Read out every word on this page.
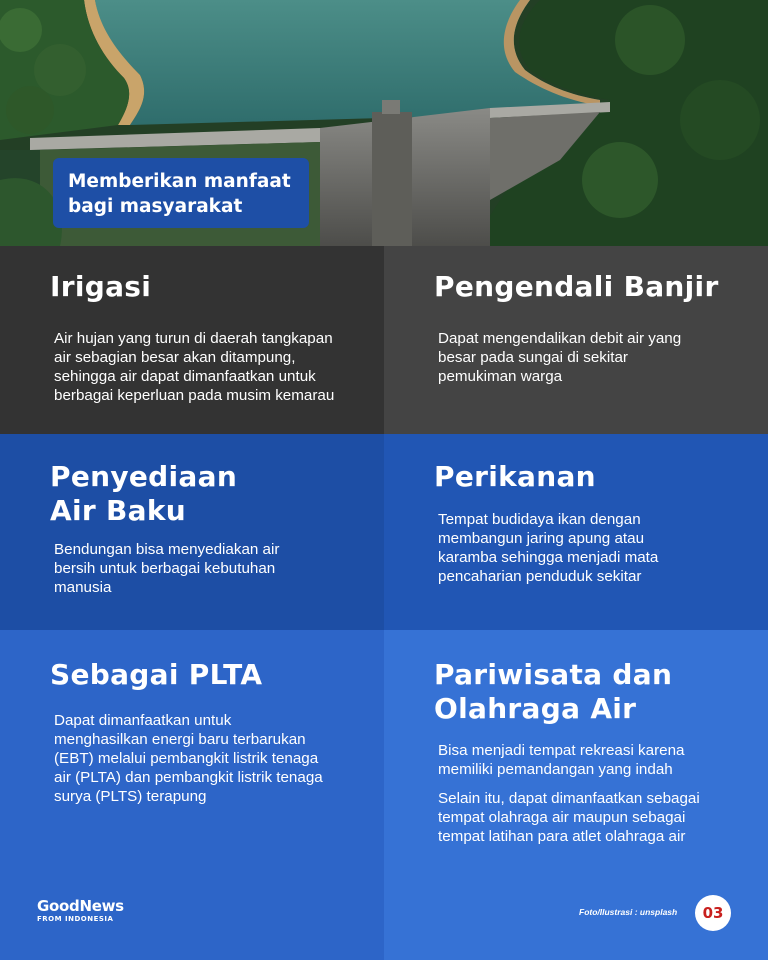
Memberikan manfaat
bagi masyarakat
Irigasi
Air hujan yang turun di daerah tangkapan
air sebagian besar akan ditampung,
sehingga air dapat dimanfaatkan untuk
berbagai keperluan pada musim kemarau
Pengendali Banjir
Dapat mengendalikan debit air yang
besar pada sungai di sekitar
pemukiman warga
Penyediaan
Air Baku
Bendungan bisa menyediakan air
bersih untuk berbagai kebutuhan
manusia
Perikanan
Tempat budidaya ikan dengan
membangun jaring apung atau
karamba sehingga menjadi mata
pencaharian penduduk sekitar
Sebagai PLTA
Dapat dimanfaatkan untuk
menghasilkan energi baru terbarukan
(EBT) melalui pembangkit listrik tenaga
air (PLTA) dan pembangkit listrik tenaga
surya (PLTS) terapung
Pariwisata dan
Olahraga Air
Bisa menjadi tempat rekreasi karena
memiliki pemandangan yang indah
Selain itu, dapat dimanfaatkan sebagai
tempat olahraga air maupun sebagai
tempat latihan para atlet olahraga air
GoodNews
FROM INDONESIA
Foto/Ilustrasi : unsplash	03
